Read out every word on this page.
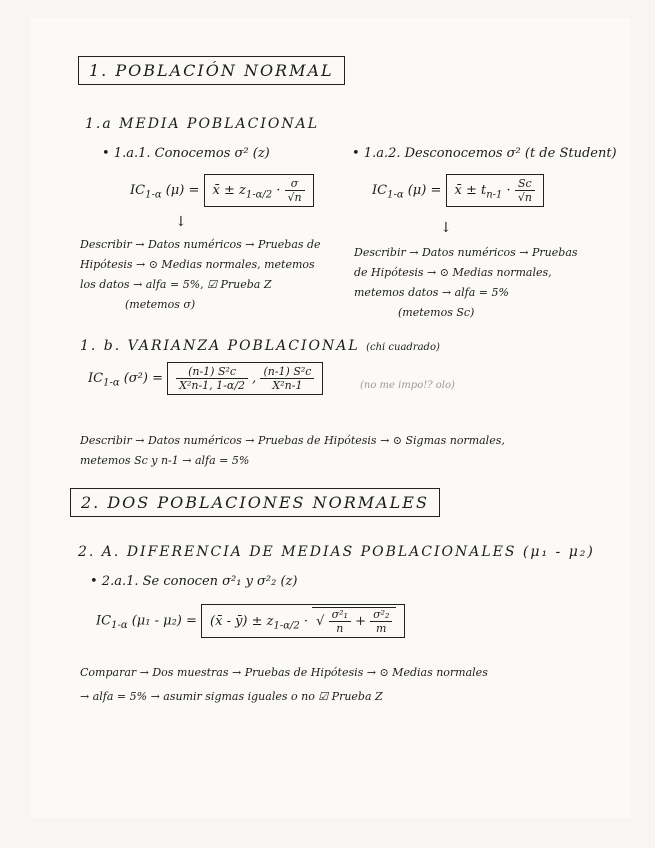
1. POBLACIÓN NORMAL
1.a MEDIA POBLACIONAL
• 1.a.1. Conocemos σ² (z)
$IC_{1-\alpha}$ (μ) = x̄ ± $z_{1-\alpha/2} \cdot \frac{\sigma}{√n}$
↓
Describir → Datos numéricos → Pruebas de
Hipótesis → ⊙ Medias normales, metemos
los datos → alfa = 5%, ☑ Prueba Z
(metemos σ)
• 1.a.2. Desconocemos σ² (t de Student)
$IC_{1-\alpha}$ (μ) = x̄ ± $t_{n-1} \cdot \frac{Sc}{√n}$
↓
Describir → Datos numéricos → Pruebas
de Hipótesis → ⊙ Medias normales,
metemos datos → alfa = 5%
(metemos Sc)
1. b. VARIANZA POBLACIONAL (chi cuadrado)
$IC_{1-\alpha}$ $(\sigma^2) = \frac{\text{(n-1) S²c}}{\text{X²n-1, 1-α/2}}$ , $\frac{\text{(n-1) S²c}}{\text{X²n-1}}$	(no me impo!? olo)
Describir → Datos numéricos → Pruebas de Hipótesis → ⊙ Sigmas normales,
metemos Sc y n-1 → alfa = 5%
2. DOS POBLACIONES NORMALES
2. A. DIFERENCIA DE MEDIAS POBLACIONALES (μ₁ - μ₂)
• 2.a.1. Se conocen σ²₁ y σ²₂ (z)
$IC_{1-\alpha}$ (μ₁ - μ₂) = (x̄ - ȳ) ± $z_{1-\alpha/2}$ · √ $\frac{\text{σ²₁}}{n} + \frac{\text{σ²₂}}{m}$
Comparar → Dos muestras → Pruebas de Hipótesis → ⊙ Medias normales
→ alfa = 5% → asumir sigmas iguales o no ☑ Prueba Z
